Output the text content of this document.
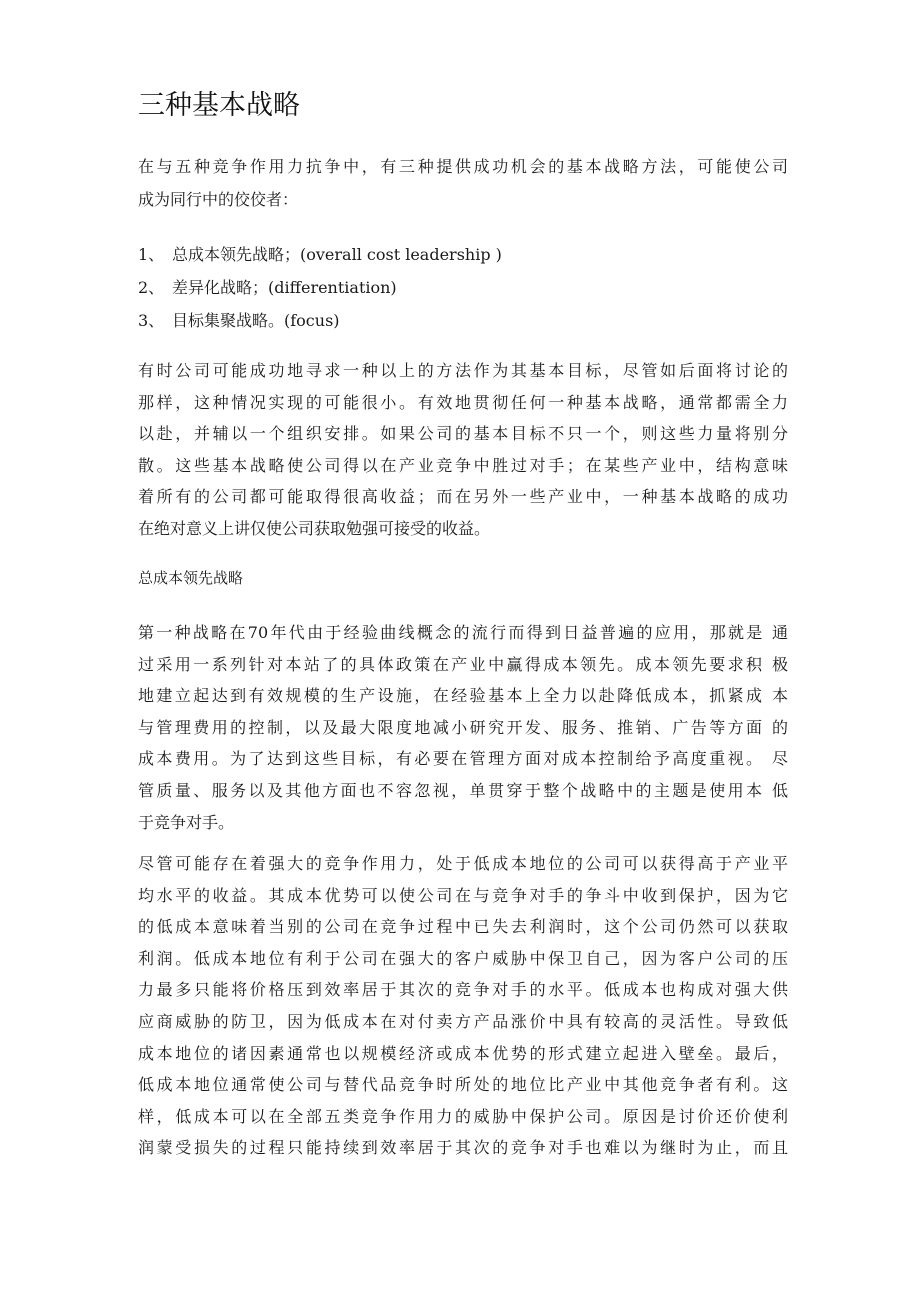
三种基本战略
在与五种竞争作用力抗争中，有三种提供成功机会的基本战略方法，可能使公司
成为同行中的佼佼者：
1、 总成本领先战略；(overall cost leadership )
2、 差异化战略；(differentiation)
3、 目标集聚战略。(focus)
有时公司可能成功地寻求一种以上的方法作为其基本目标，尽管如后面将讨论的
那样，这种情况实现的可能很小。有效地贯彻任何一种基本战略，通常都需全力
以赴，并辅以一个组织安排。如果公司的基本目标不只一个，则这些力量将别分
散。这些基本战略使公司得以在产业竞争中胜过对手；在某些产业中，结构意味
着所有的公司都可能取得很高收益；而在另外一些产业中，一种基本战略的成功
在绝对意义上讲仅使公司获取勉强可接受的收益。
总成本领先战略
第一种战略在70年代由于经验曲线概念的流行而得到日益普遍的应用，那就是 通
过采用一系列针对本站了的具体政策在产业中赢得成本领先。成本领先要求积 极
地建立起达到有效规模的生产设施，在经验基本上全力以赴降低成本，抓紧成 本
与管理费用的控制，以及最大限度地减小研究开发、服务、推销、广告等方面 的
成本费用。为了达到这些目标，有必要在管理方面对成本控制给予高度重视。 尽
管质量、服务以及其他方面也不容忽视，单贯穿于整个战略中的主题是使用本 低
于竞争对手。
尽管可能存在着强大的竞争作用力，处于低成本地位的公司可以获得高于产业平
均水平的收益。其成本优势可以使公司在与竞争对手的争斗中收到保护，因为它
的低成本意味着当别的公司在竞争过程中已失去利润时，这个公司仍然可以获取
利润。低成本地位有利于公司在强大的客户威胁中保卫自己，因为客户公司的压
力最多只能将价格压到效率居于其次的竞争对手的水平。低成本也构成对强大供
应商威胁的防卫，因为低成本在对付卖方产品涨价中具有较高的灵活性。导致低
成本地位的诸因素通常也以规模经济或成本优势的形式建立起进入壁垒。最后，
低成本地位通常使公司与替代品竞争时所处的地位比产业中其他竞争者有利。这
样，低成本可以在全部五类竞争作用力的威胁中保护公司。原因是讨价还价使利
润蒙受损失的过程只能持续到效率居于其次的竞争对手也难以为继时为止，而且
